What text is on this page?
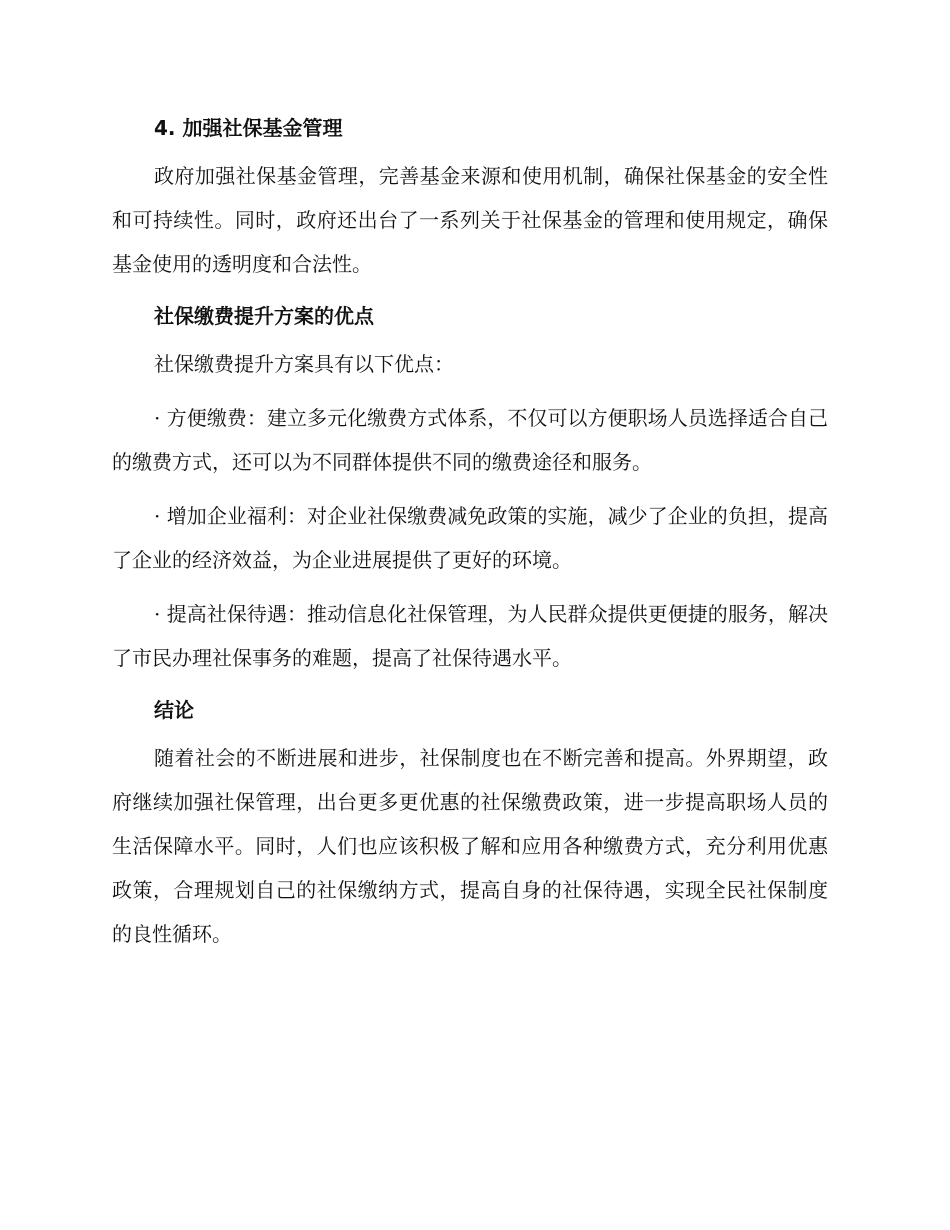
4. 加强社保基金管理

政府加强社保基金管理，完善基金来源和使用机制，确保社保基金的安全性和可持续性。同时，政府还出台了一系列关于社保基金的管理和使用规定，确保基金使用的透明度和合法性。

社保缴费提升方案的优点

社保缴费提升方案具有以下优点：

· 方便缴费：建立多元化缴费方式体系，不仅可以方便职场人员选择适合自己的缴费方式，还可以为不同群体提供不同的缴费途径和服务。

· 增加企业福利：对企业社保缴费减免政策的实施，减少了企业的负担，提高了企业的经济效益，为企业进展提供了更好的环境。

· 提高社保待遇：推动信息化社保管理，为人民群众提供更便捷的服务，解决了市民办理社保事务的难题，提高了社保待遇水平。

结论

随着社会的不断进展和进步，社保制度也在不断完善和提高。外界期望，政府继续加强社保管理，出台更多更优惠的社保缴费政策，进一步提高职场人员的生活保障水平。同时，人们也应该积极了解和应用各种缴费方式，充分利用优惠政策，合理规划自己的社保缴纳方式，提高自身的社保待遇，实现全民社保制度的良性循环。
